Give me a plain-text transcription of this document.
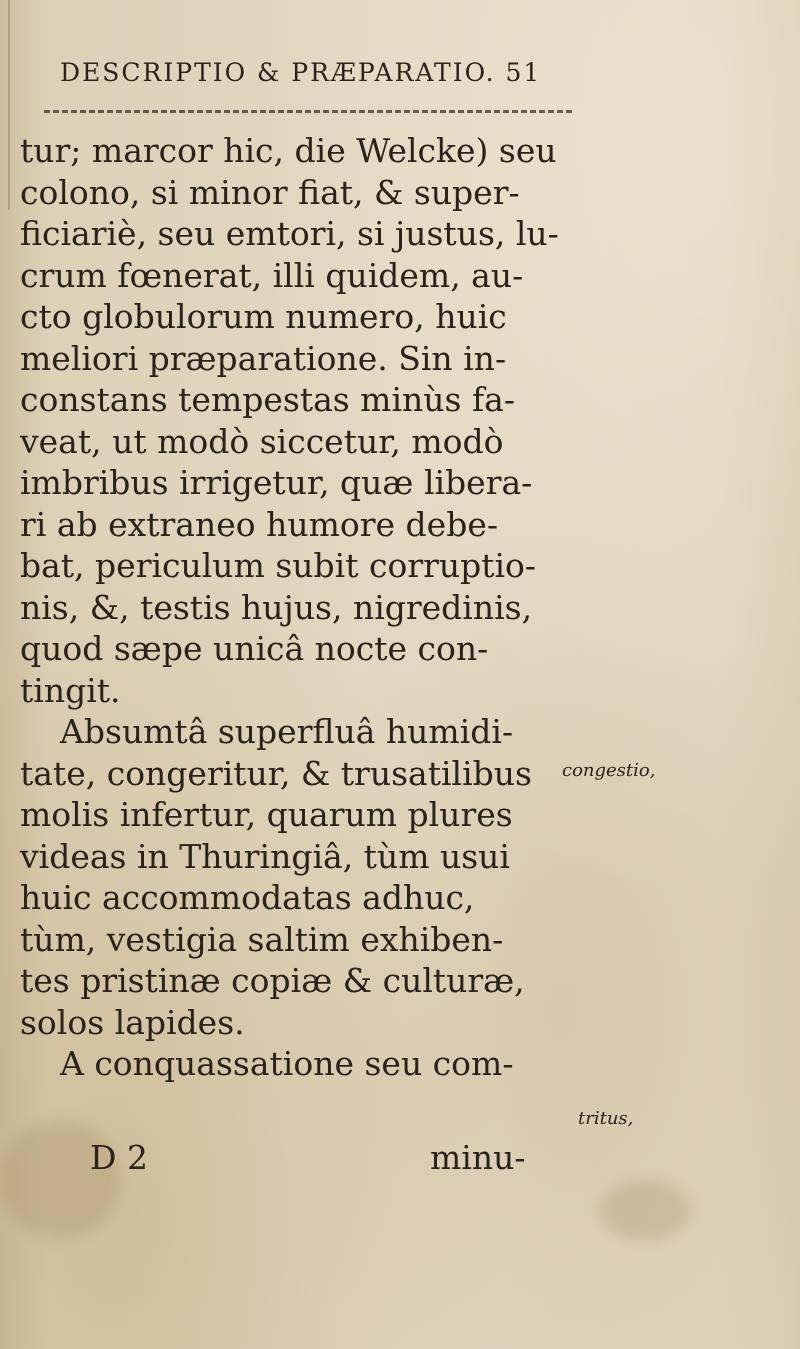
DESCRIPTIO & PRÆPARATIO. 51
tur; marcor hic, die Welcke) seu
colono, si minor fiat, & super-
ficiariè, seu emtori, si justus, lu-
crum fœnerat, illi quidem, au-
cto globulorum numero, huic
meliori præparatione. Sin in-
constans tempestas minùs fa-
veat, ut modò siccetur, modò
imbribus irrigetur, quæ libera-
ri ab extraneo humore debe-
bat, periculum subit corruptio-
nis, &, testis hujus, nigredinis,
quod sæpe unicâ nocte con-
tingit.
Absumtâ superfluâ humidi-
tate, congeritur, & trusatilibus
molis infertur, quarum plures
videas in Thuringiâ, tùm usui
huic accommodatas adhuc,
tùm, vestigia saltim exhiben-
tes pristinæ copiæ & culturæ,
solos lapides.
A conquassatione seu com-
congestio,
tritus,
D 2	minu-
